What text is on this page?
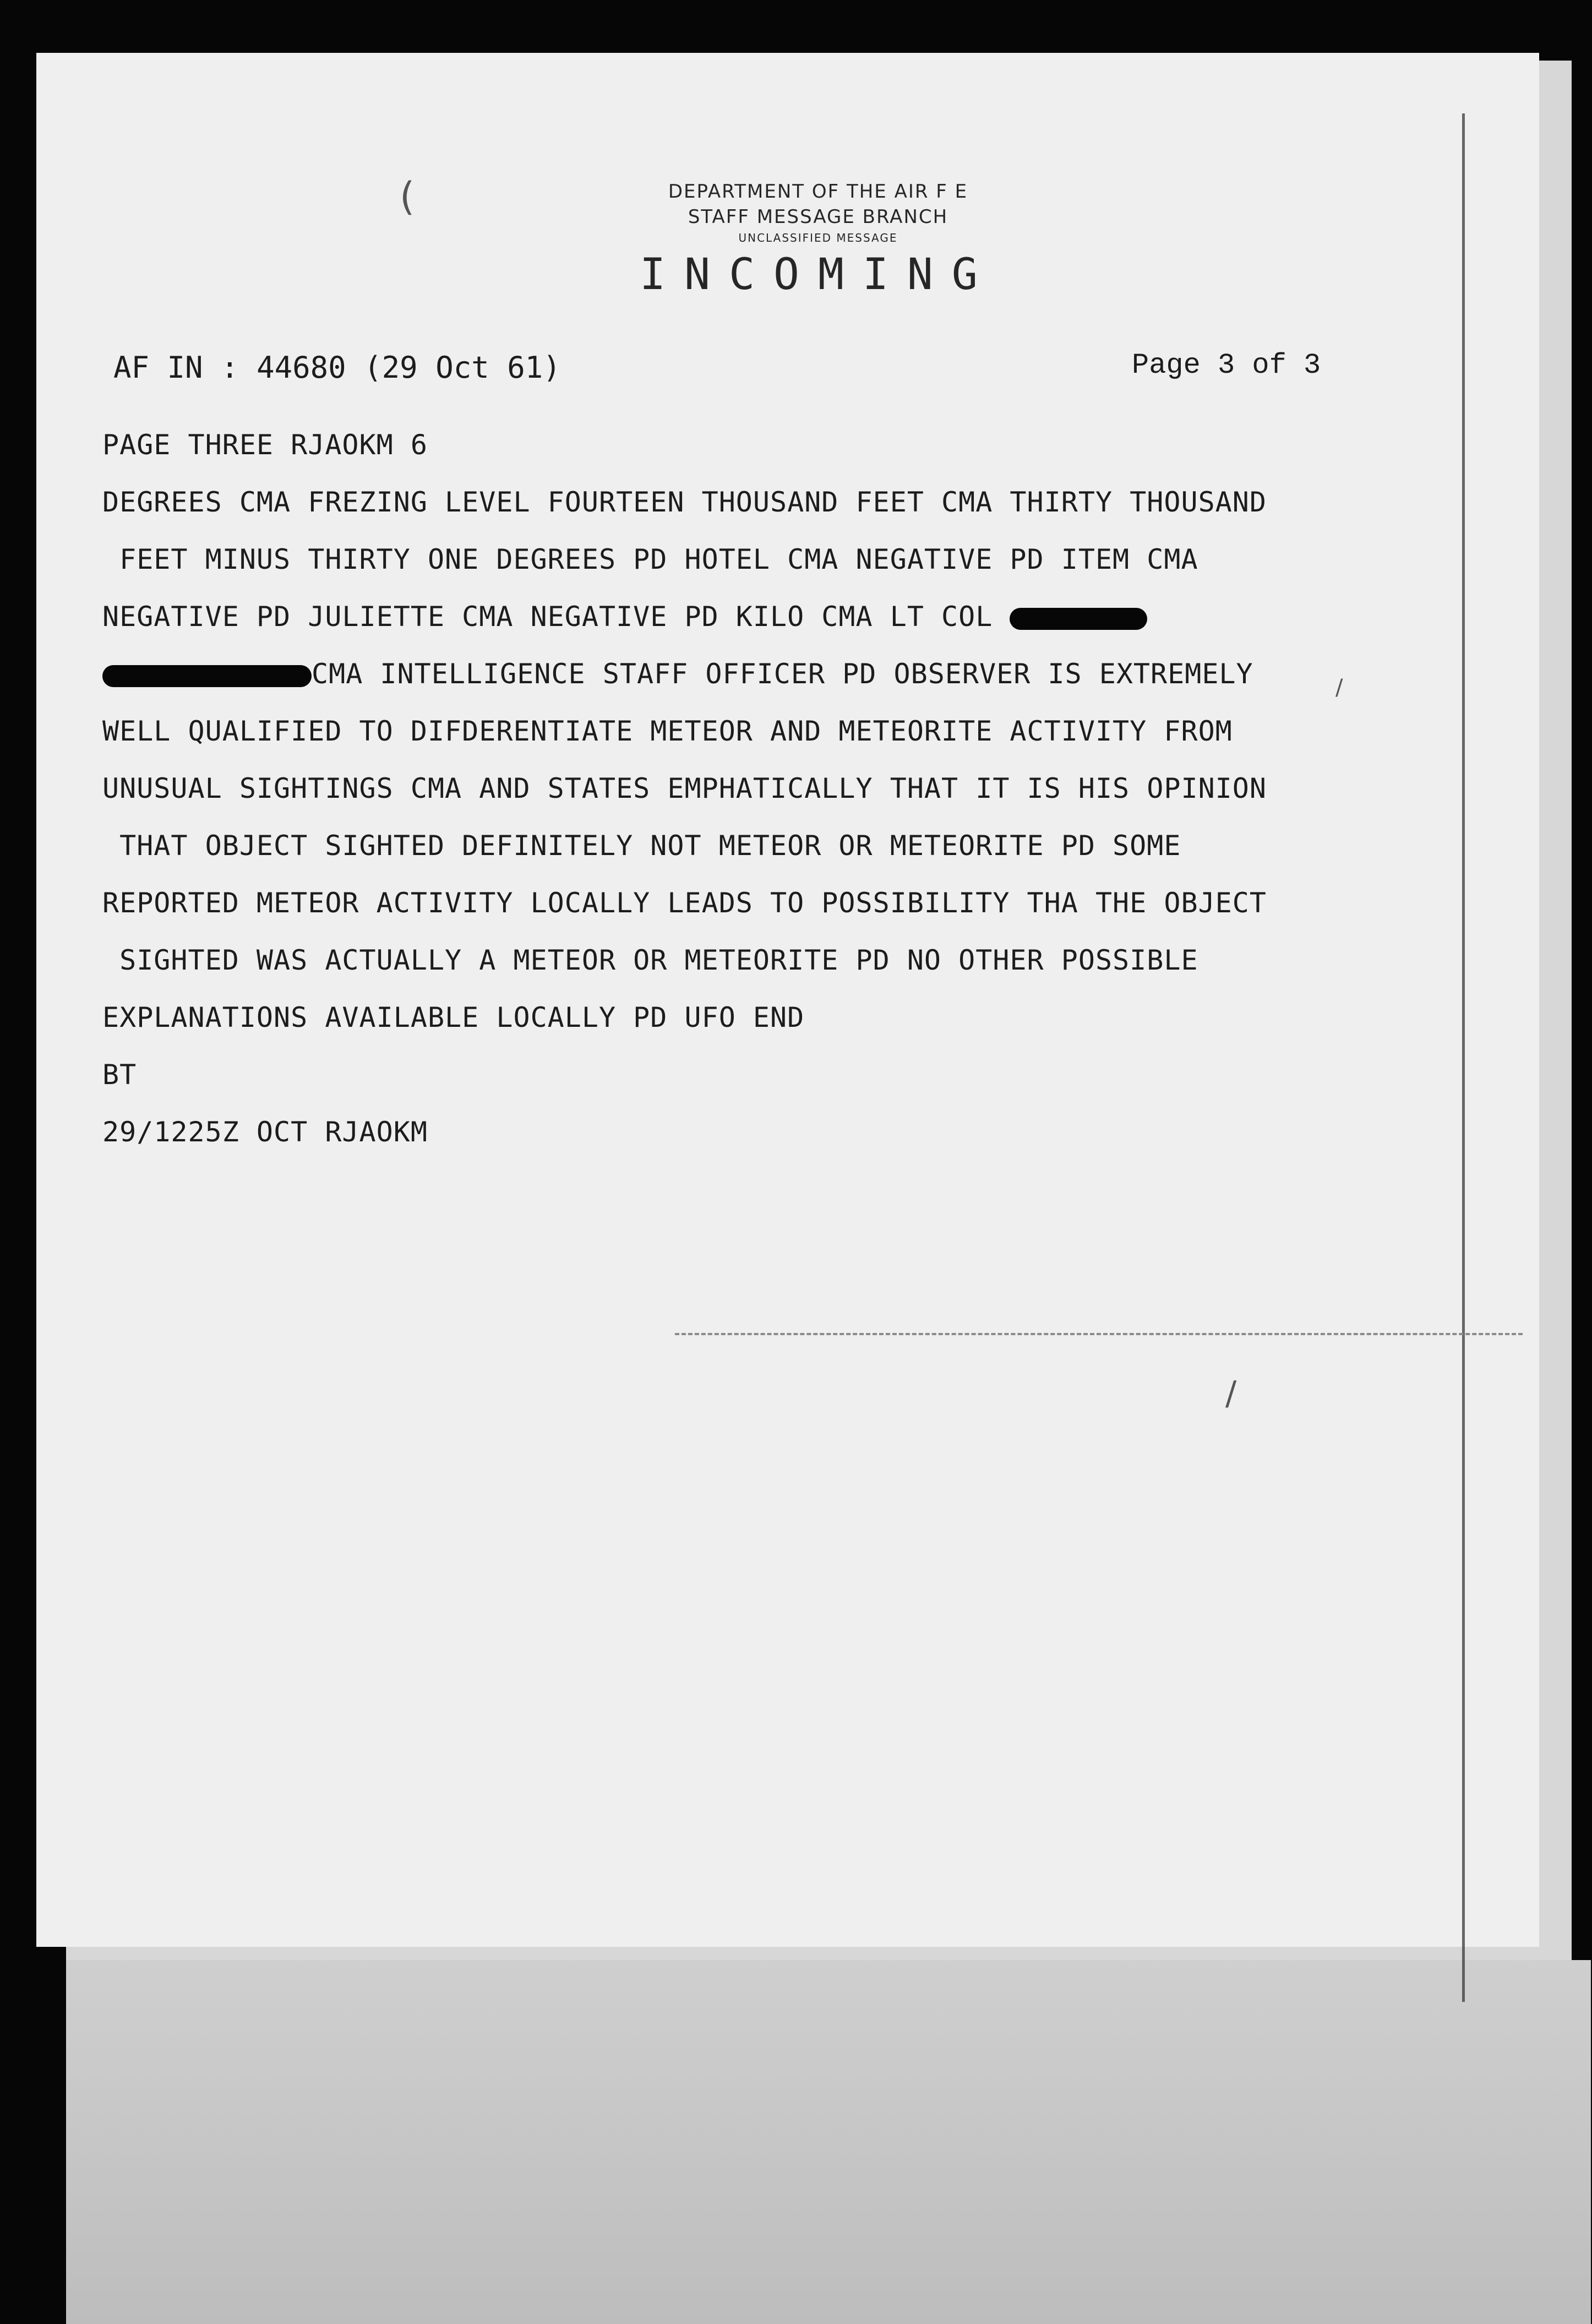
(	DEPARTMENT OF THE AIR F E
STAFF MESSAGE BRANCH
UNCLASSIFIED MESSAGE
INCOMING
AF IN : 44680 (29 Oct 61)	Page 3 of 3
PAGE THREE RJAOKM 6
DEGREES CMA FREZING LEVEL FOURTEEN THOUSAND FEET CMA THIRTY THOUSAND
FEET MINUS THIRTY ONE DEGREES PD HOTEL CMA NEGATIVE PD ITEM CMA
NEGATIVE PD JULIETTE CMA NEGATIVE PD KILO CMA LT COL
CMA INTELLIGENCE STAFF OFFICER PD OBSERVER IS EXTREMELY
WELL QUALIFIED TO DIFDERENTIATE METEOR AND METEORITE ACTIVITY FROM
UNUSUAL SIGHTINGS CMA AND STATES EMPHATICALLY THAT IT IS HIS OPINION
THAT OBJECT SIGHTED DEFINITELY NOT METEOR OR METEORITE PD SOME
REPORTED METEOR ACTIVITY LOCALLY LEADS TO POSSIBILITY THA THE OBJECT
SIGHTED WAS ACTUALLY A METEOR OR METEORITE PD NO OTHER POSSIBLE
EXPLANATIONS AVAILABLE LOCALLY PD UFO END
BT
29/1225Z OCT RJAOKM
/
/
